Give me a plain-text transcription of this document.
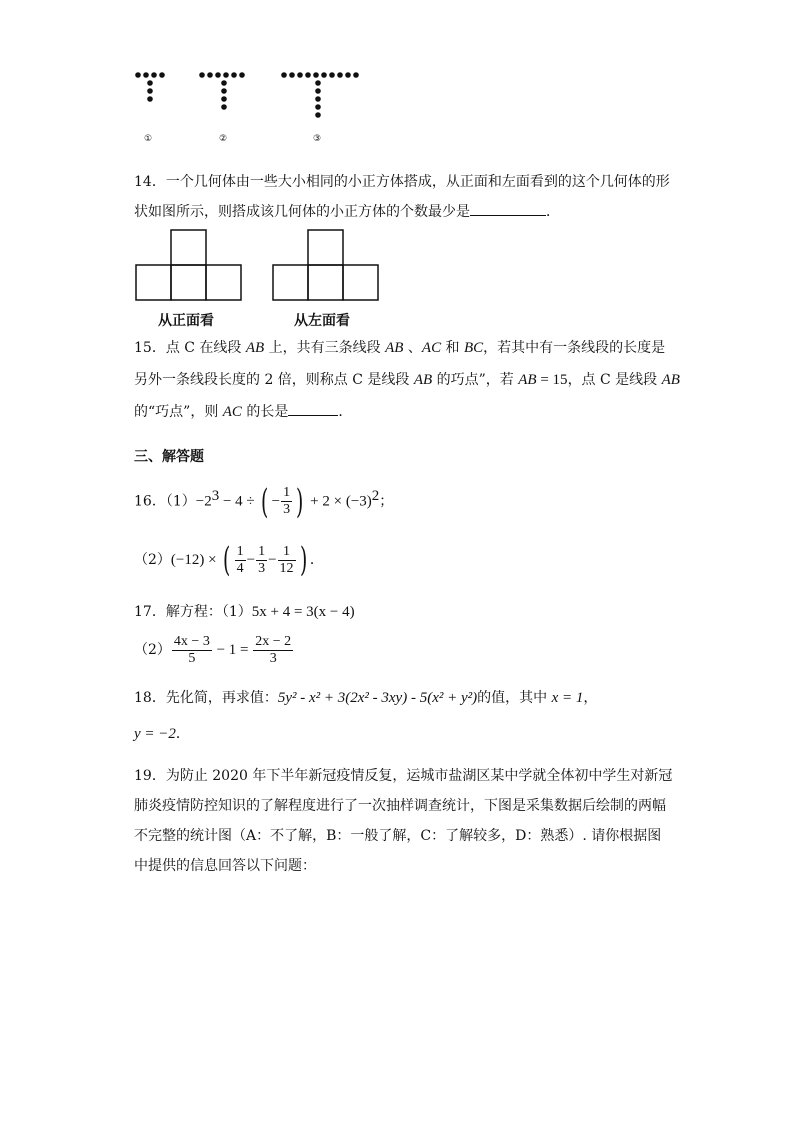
①	②	③
14．一个几何体由一些大小相同的小正方体搭成，从正面和左面看到的这个几何体的形
状如图所示，则搭成该几何体的小正方体的个数最少是	．
从正面看	从左面看
15．点 C 在线段 AB 上，共有三条线段 AB 、AC 和 BC，若其中有一条线段的长度是
另外一条线段长度的 2 倍，则称点 C 是线段 AB 的巧点”，若 AB = 15，点 C 是线段 AB
的“巧点”，则 AC 的长是	．
三、解答题
16．$(1)-2^3 - 4$ ÷ ( − $\frac{1}{3}$ ) + $2 \times (-3)^2$；
（2）(−12) × ( $\frac{1}{4} - \frac{1}{3} - \frac{1}{12}$ ) ．
17．解方程：（1）5x + 4 = 3(x − 4)
$(2) \frac{4x - 3}{5} - 1 = \frac{2x - 2}{3}$
18．先化简，再求值：5y² - x² + 3(2x² - 3xy) - 5(x² + y²)的值，其中 x = 1，
y = −2．
19．为防止 2020 年下半年新冠疫情反复，运城市盐湖区某中学就全体初中学生对新冠
肺炎疫情防控知识的了解程度进行了一次抽样调查统计，下图是采集数据后绘制的两幅
不完整的统计图（A：不了解，B：一般了解，C：了解较多，D：熟悉）. 请你根据图
中提供的信息回答以下问题：
